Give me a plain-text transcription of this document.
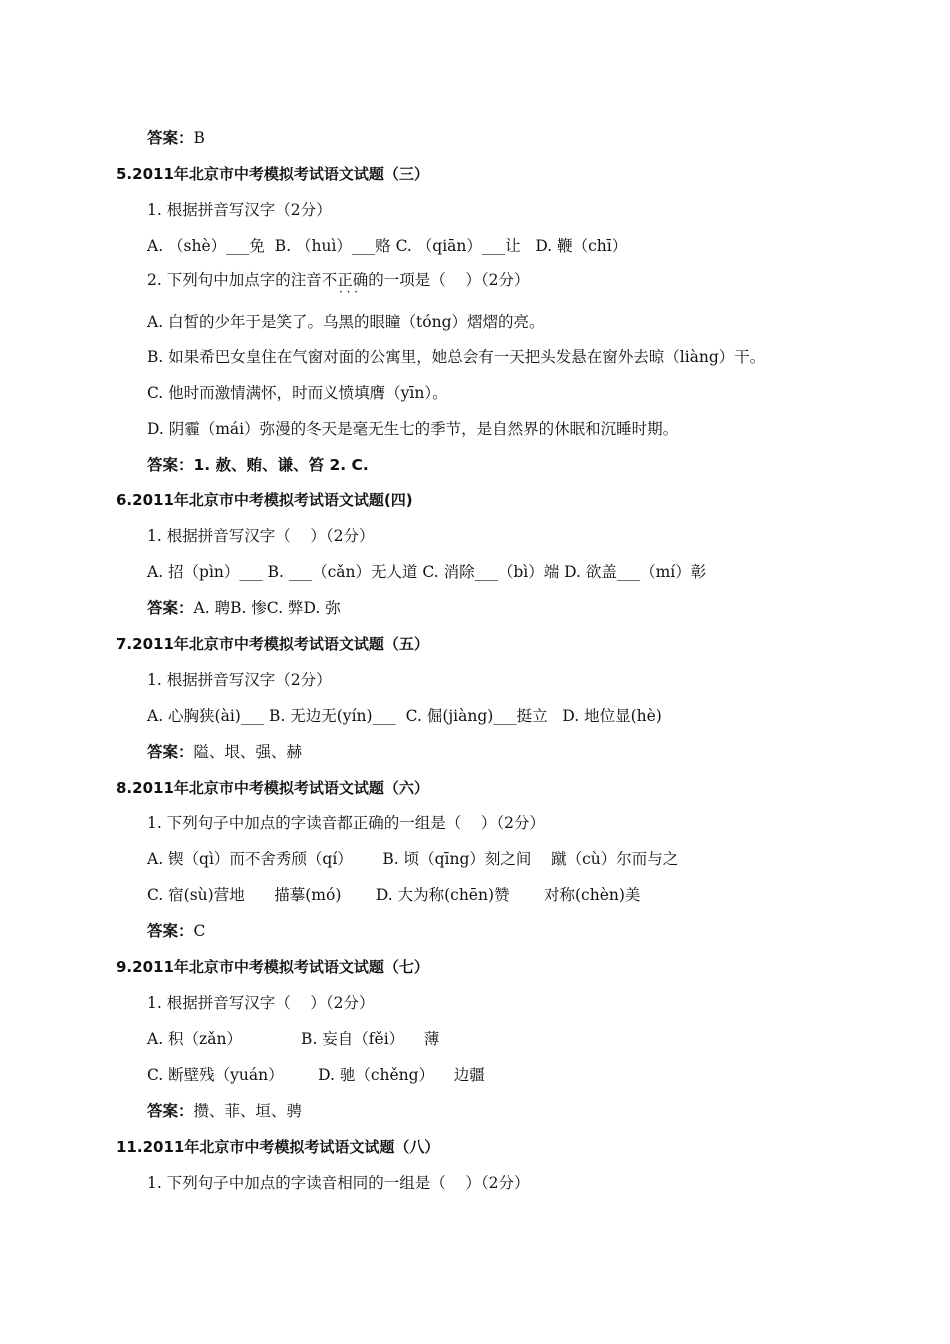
答案：B
5.2011年北京市中考模拟考试语文试题（三）
1. 根据拼音写汉字（2分）
A. （shè）___免  B. （huì）___赂 C. （qiān）___让   D. 鞭（chī）
2. 下列句中加点字的注音不正确的一项是（    ）（2分）
· · ·
A. 白皙的少年于是笑了。乌黑的眼瞳（tóng）熠熠的亮。
B. 如果希巴女皇住在气窗对面的公寓里，她总会有一天把头发悬在窗外去晾（liàng）干。
C. 他时而激情满怀，时而义愤填膺（yīn）。
D. 阴霾（mái）弥漫的冬天是毫无生七的季节，是自然界的休眠和沉睡时期。
答案：1. 赦、贿、谦、笞 2. C.
6.2011年北京市中考模拟考试语文试题(四)
1. 根据拼音写汉字（    ）（2分）
A. 招（pìn）___ B. ___（cǎn）无人道 C. 消除___（bì）端 D. 欲盖___（mí）彰
答案：A. 聘B. 惨C. 弊D. 弥
7.2011年北京市中考模拟考试语文试题（五）
1. 根据拼音写汉字（2分）
A. 心胸狭(ài)___ B. 无边无(yín)___  C. 倔(jiàng)___挺立   D. 地位显(hè)
答案：隘、垠、强、赫
8.2011年北京市中考模拟考试语文试题（六）
1. 下列句子中加点的字读音都正确的一组是（    ）（2分）
A. 锲（qì）而不舍秀颀（qí）      B. 顷（qīng）刻之间    蹴（cù）尔而与之
C. 宿(sù)营地      描摹(mó)       D. 大为称(chēn)赞       对称(chèn)美
答案：C
9.2011年北京市中考模拟考试语文试题（七）
1. 根据拼音写汉字（    ）（2分）
A. 积（zǎn）            B. 妄自（fěi）    薄
C. 断壁残（yuán）       D. 驰（chěng）    边疆
答案：攒、菲、垣、骋
11.2011年北京市中考模拟考试语文试题（八）
1. 下列句子中加点的字读音相同的一组是（    ）（2分）
